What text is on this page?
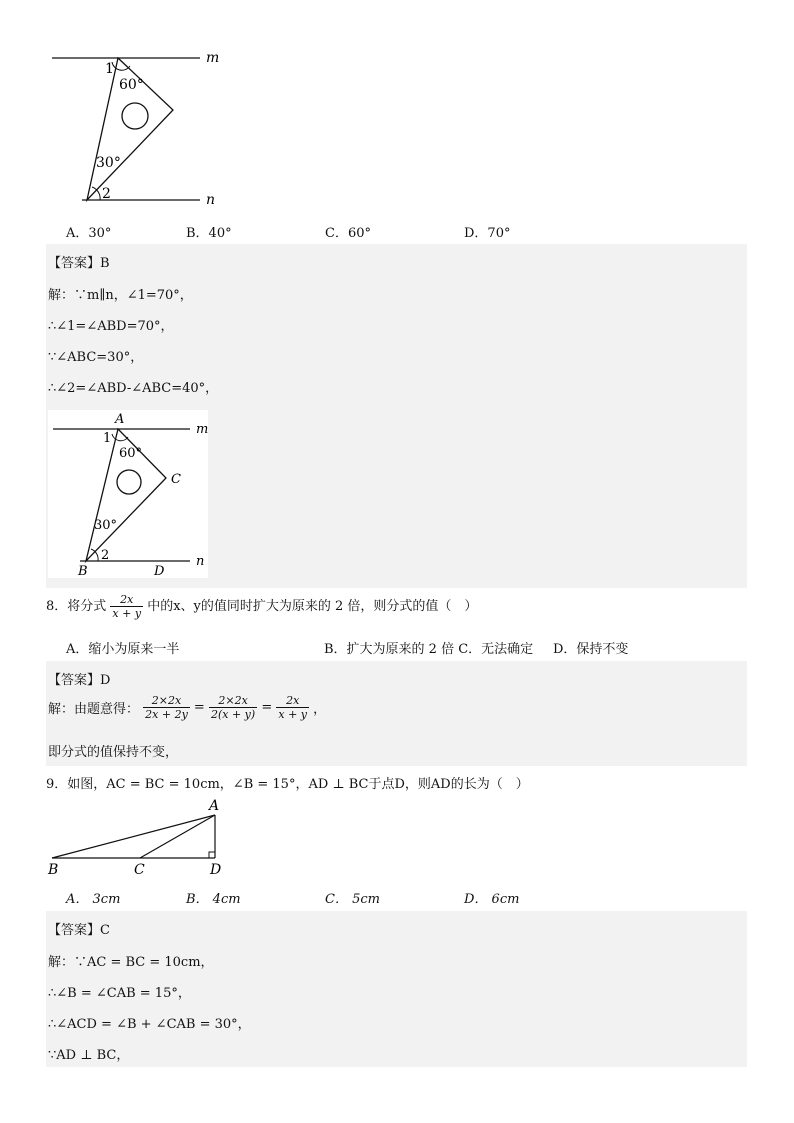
m
n
1
2
60°
30°
A．30°	B．40°	C．60°	D．70°
【答案】B
解：∵m∥n，∠1=70°，
∴∠1=∠ABD=70°，
∵∠ABC=30°，
∴∠2=∠ABD-∠ABC=40°，
A
m
1
60°
C
30°
2	n
B	D
8．将分式 $\frac{2x}{x + y}$ 中的x、y的值同时扩大为原来的 2 倍，则分式的值（　）
A．缩小为原来一半	B．扩大为原来的 2 倍 C．无法确定 D．保持不变
【答案】D
解：由题意得： $\frac{2\times 2x}{2x + 2y} = \frac{2\times 2x}{2(x + y)} = \frac{2x}{x + y}$ ，
即分式的值保持不变，
9．如图，AC = BC = 10cm，∠B = 15°，AD ⊥ BC于点D，则AD的长为（　）
A
B	C	D
A． 3cm	B． 4cm	C． 5cm	D． 6cm
【答案】C
解：∵AC = BC = 10cm，
∴∠B = ∠CAB = 15°，
∴∠ACD = ∠B + ∠CAB = 30°，
∵AD ⊥ BC，
